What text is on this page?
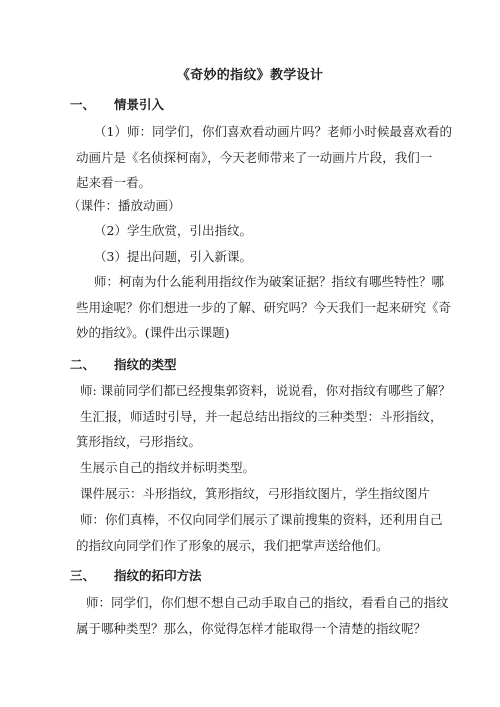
《奇妙的指纹》教学设计
一、 情景引入
（1）师：同学们，你们喜欢看动画片吗？老师小时候最喜欢看的
动画片是《名侦探柯南》，今天老师带来了一动画片片段，我们一
起来看一看。
（课件：播放动画）
（2）学生欣赏，引出指纹。
（3）提出问题，引入新课。
师：柯南为什么能利用指纹作为破案证据？指纹有哪些特性？哪
些用途呢？你们想进一步的了解、研究吗？今天我们一起来研究《奇
妙的指纹》。(课件出示课题)
二、 指纹的类型
师: 课前同学们都已经搜集郭资料，说说看，你对指纹有哪些了解？
生汇报，师适时引导，并一起总结出指纹的三种类型：斗形指纹，
箕形指纹，弓形指纹。
生展示自己的指纹并标明类型。
课件展示：斗形指纹，箕形指纹，弓形指纹图片，学生指纹图片
师：你们真棒，不仅向同学们展示了课前搜集的资料，还利用自己
的指纹向同学们作了形象的展示，我们把掌声送给他们。
三、 指纹的拓印方法
师：同学们，你们想不想自己动手取自己的指纹，看看自己的指纹
属于哪种类型？那么，你觉得怎样才能取得一个清楚的指纹呢？
